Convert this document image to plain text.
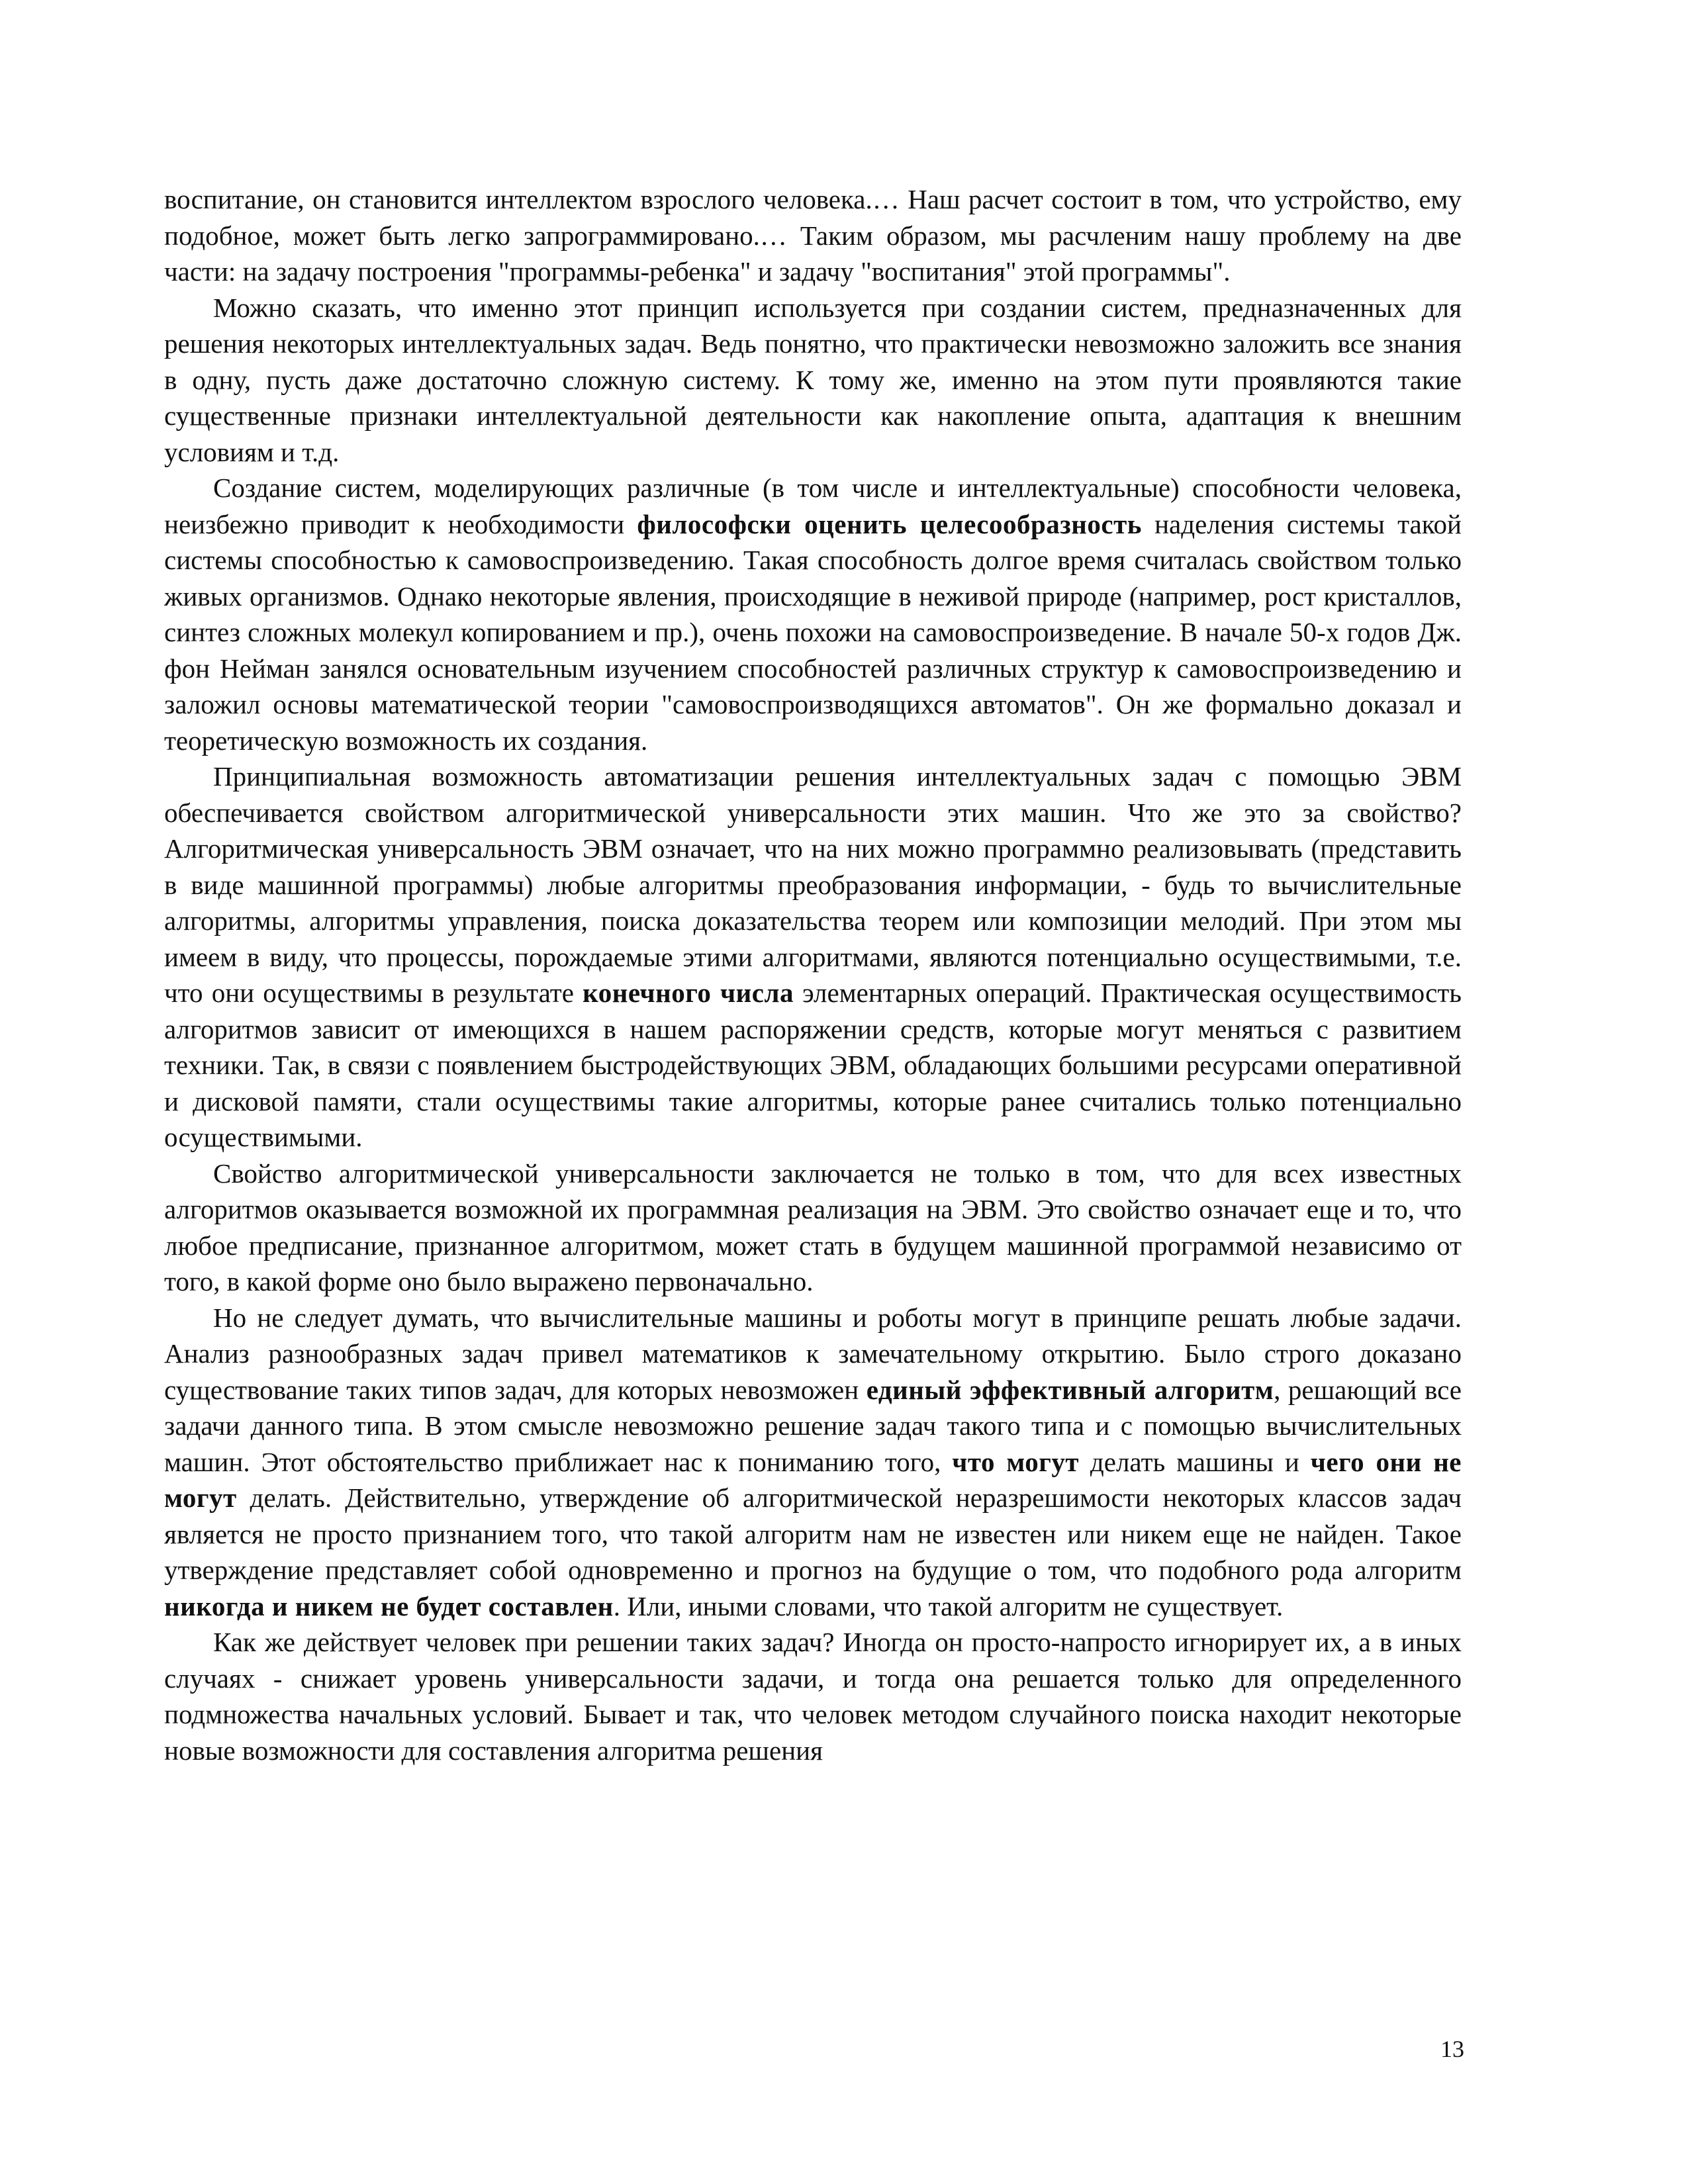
воспитание, он становится интеллектом взрослого человека.… Наш расчет состоит в том, что устройство, ему подобное, может быть легко запрограммировано.… Таким образом, мы расчленим нашу проблему на две части: на задачу построения "программы-ребенка" и задачу "воспитания" этой программы".

Можно сказать, что именно этот принцип используется при создании систем, предназначенных для решения некоторых интеллектуальных задач. Ведь понятно, что практически невозможно заложить все знания в одну, пусть даже достаточно сложную систему. К тому же, именно на этом пути проявляются такие существенные признаки интеллектуальной деятельности как накопление опыта, адаптация к внешним условиям и т.д.

Создание систем, моделирующих различные (в том числе и интеллектуальные) способности человека, неизбежно приводит к необходимости философски оценить целесообразность наделения системы такой системы способностью к самовоспроизведению. Такая способность долгое время считалась свойством только живых организмов. Однако некоторые явления, происходящие в неживой природе (например, рост кристаллов, синтез сложных молекул копированием и пр.), очень похожи на самовоспроизведение. В начале 50-х годов Дж. фон Нейман занялся основательным изучением способностей различных структур к самовоспроизведению и заложил основы математической теории "самовоспроизводящихся автоматов". Он же формально доказал и теоретическую возможность их создания.

Принципиальная возможность автоматизации решения интеллектуальных задач с помощью ЭВМ обеспечивается свойством алгоритмической универсальности этих машин. Что же это за свойство? Алгоритмическая универсальность ЭВМ означает, что на них можно программно реализовывать (представить в виде машинной программы) любые алгоритмы преобразования информации, - будь то вычислительные алгоритмы, алгоритмы управления, поиска доказательства теорем или композиции мелодий. При этом мы имеем в виду, что процессы, порождаемые этими алгоритмами, являются потенциально осуществимыми, т.е. что они осуществимы в результате конечного числа элементарных операций. Практическая осуществимость алгоритмов зависит от имеющихся в нашем распоряжении средств, которые могут меняться с развитием техники. Так, в связи с появлением быстродействующих ЭВМ, обладающих большими ресурсами оперативной и дисковой памяти, стали осуществимы такие алгоритмы, которые ранее считались только потенциально осуществимыми.

Свойство алгоритмической универсальности заключается не только в том, что для всех известных алгоритмов оказывается возможной их программная реализация на ЭВМ. Это свойство означает еще и то, что любое предписание, признанное алгоритмом, может стать в будущем машинной программой независимо от того, в какой форме оно было выражено первоначально.

Но не следует думать, что вычислительные машины и роботы могут в принципе решать любые задачи. Анализ разнообразных задач привел математиков к замечательному открытию. Было строго доказано существование таких типов задач, для которых невозможен единый эффективный алгоритм, решающий все задачи данного типа. В этом смысле невозможно решение задач такого типа и с помощью вычислительных машин. Этот обстоятельство приближает нас к пониманию того, что могут делать машины и чего они не могут делать. Действительно, утверждение об алгоритмической неразрешимости некоторых классов задач является не просто признанием того, что такой алгоритм нам не известен или никем еще не найден. Такое утверждение представляет собой одновременно и прогноз на будущие о том, что подобного рода алгоритм никогда и никем не будет составлен. Или, иными словами, что такой алгоритм не существует.

Как же действует человек при решении таких задач? Иногда он просто-напросто игнорирует их, а в иных случаях - снижает уровень универсальности задачи, и тогда она решается только для определенного подмножества начальных условий. Бывает и так, что человек методом случайного поиска находит некоторые новые возможности для составления алгоритма решения

13
